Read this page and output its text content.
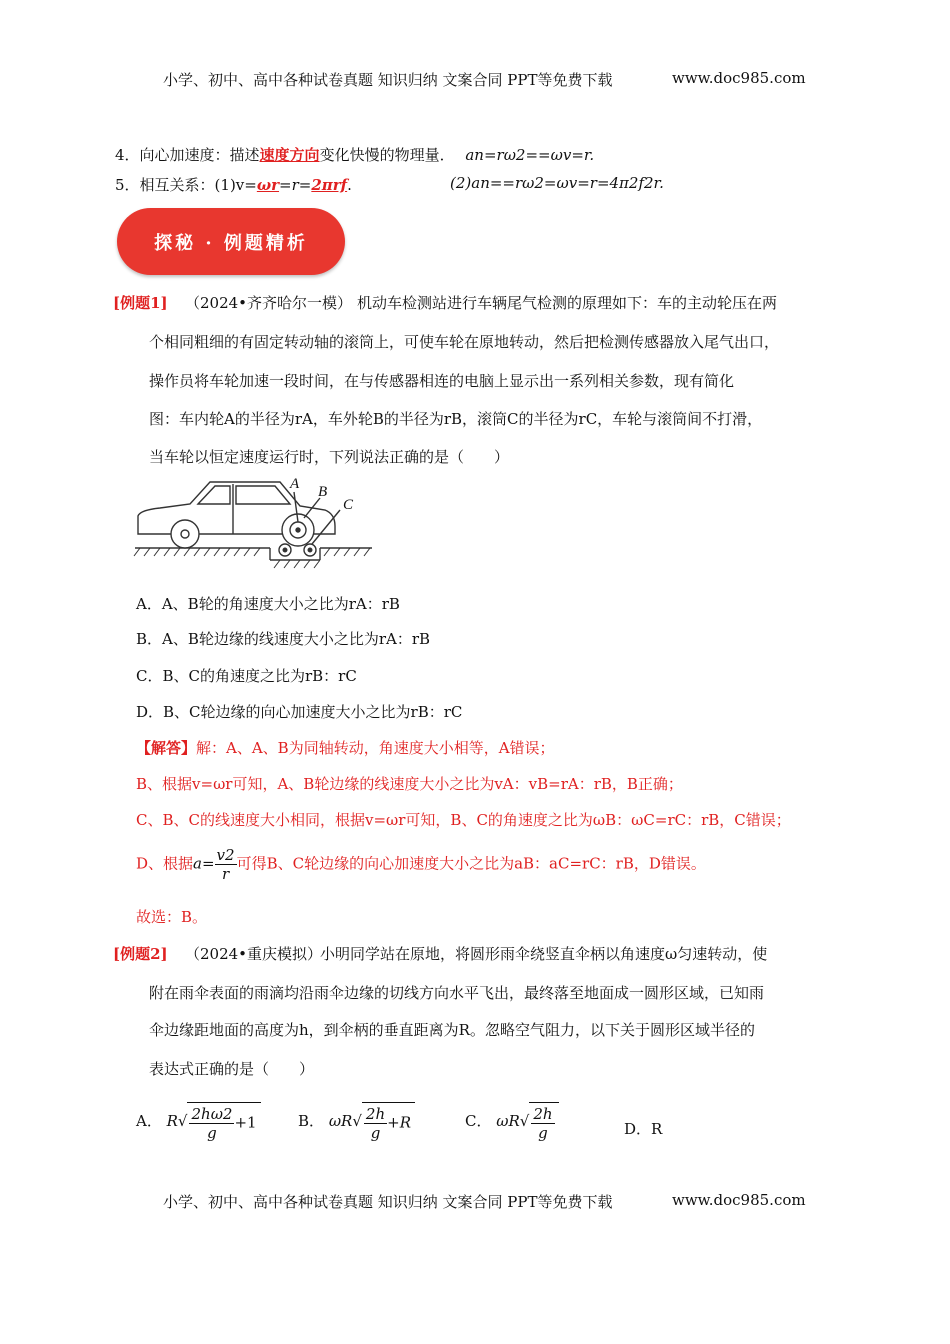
小学、初中、高中各种试卷真题 知识归纳 文案合同 PPT等免费下载	www.doc985.com
4．向心加速度：描述速度方向变化快慢的物理量． an=rω2==ωv=r.
5．相互关系：(1)v=ωr=r=2πrf.	(2)an==rω2=ωv=r=4π2f2r.
探秘 · 例题精析
[例题1] （2024•齐齐哈尔一模） 机动车检测站进行车辆尾气检测的原理如下：车的主动轮压在两
个相同粗细的有固定转动轴的滚筒上，可使车轮在原地转动，然后把检测传感器放入尾气出口，
操作员将车轮加速一段时间，在与传感器相连的电脑上显示出一系列相关参数，现有简化
图：车内轮A的半径为rA，车外轮B的半径为rB，滚筒C的半径为rC，车轮与滚筒间不打滑，
当车轮以恒定速度运行时，下列说法正确的是（　　）
A B
C
A．A、B轮的角速度大小之比为rA：rB
B．A、B轮边缘的线速度大小之比为rA：rB
C．B、C的角速度之比为rB：rC
D．B、C轮边缘的向心加速度大小之比为rB：rC
【解答】解：A、A、B为同轴转动，角速度大小相等，A错误；
B、根据v=ωr可知，A、B轮边缘的线速度大小之比为vA：vB=rA：rB，B正确；
C、B、C的线速度大小相同，根据v=ωr可知，B、C的角速度之比为ωB：ωC=rC：rB，C错误；
D、根据$a= \frac{v2}{r}$ 可得B、C轮边缘的向心加速度大小之比为aB：aC=rC：rB，D错误。
故选：B。
[例题2] （2024•重庆模拟）
小明同学站在原地，将圆形雨伞绕竖直伞柄以角速度ω匀速转动，使
附在雨伞表面的雨滴均沿雨伞边缘的切线方向水平飞出，最终落至地面成一圆形区域，已知雨
伞边缘距地面的高度为h，到伞柄的垂直距离为R。忽略空气阻力，以下关于圆形区域半径的
表达式正确的是（　　）
A． $R√ \frac{\text{2ℎω2}}{g} +1$	B． $\omega R√ \frac{\text{2ℎ}}{g} +R$	C． $\omega R√ \frac{\text{2ℎ}}{g}$	D．R
小学、初中、高中各种试卷真题 知识归纳 文案合同 PPT等免费下载	www.doc985.com
